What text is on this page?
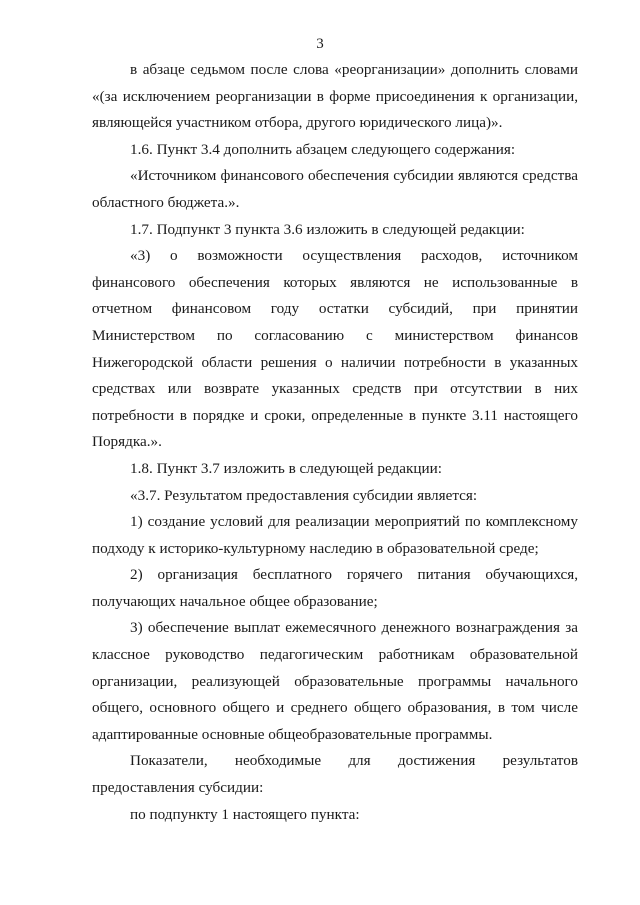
3

в абзаце седьмом после слова «реорганизации» дополнить словами «(за исключением реорганизации в форме присоединения к организации, являющейся участником отбора, другого юридического лица)».

1.6. Пункт 3.4 дополнить абзацем следующего содержания:

«Источником финансового обеспечения субсидии являются средства областного бюджета.».

1.7. Подпункт 3 пункта 3.6 изложить в следующей редакции:

«3) о возможности осуществления расходов, источником финансового обеспечения которых являются не использованные в отчетном финансовом году остатки субсидий, при принятии Министерством по согласованию с министерством финансов Нижегородской области решения о наличии потребности в указанных средствах или возврате указанных средств при отсутствии в них потребности в порядке и сроки, определенные в пункте 3.11 настоящего Порядка.».

1.8. Пункт 3.7 изложить в следующей редакции:

«3.7. Результатом предоставления субсидии является:

1) создание условий для реализации мероприятий по комплексному подходу к историко-культурному наследию в образовательной среде;

2) организация бесплатного горячего питания обучающихся, получающих начальное общее образование;

3) обеспечение выплат ежемесячного денежного вознаграждения за классное руководство педагогическим работникам образовательной организации, реализующей образовательные программы начального общего, основного общего и среднего общего образования, в том числе адаптированные основные общеобразовательные программы.

Показатели, необходимые для достижения результатов предоставления субсидии:

по подпункту 1 настоящего пункта:
